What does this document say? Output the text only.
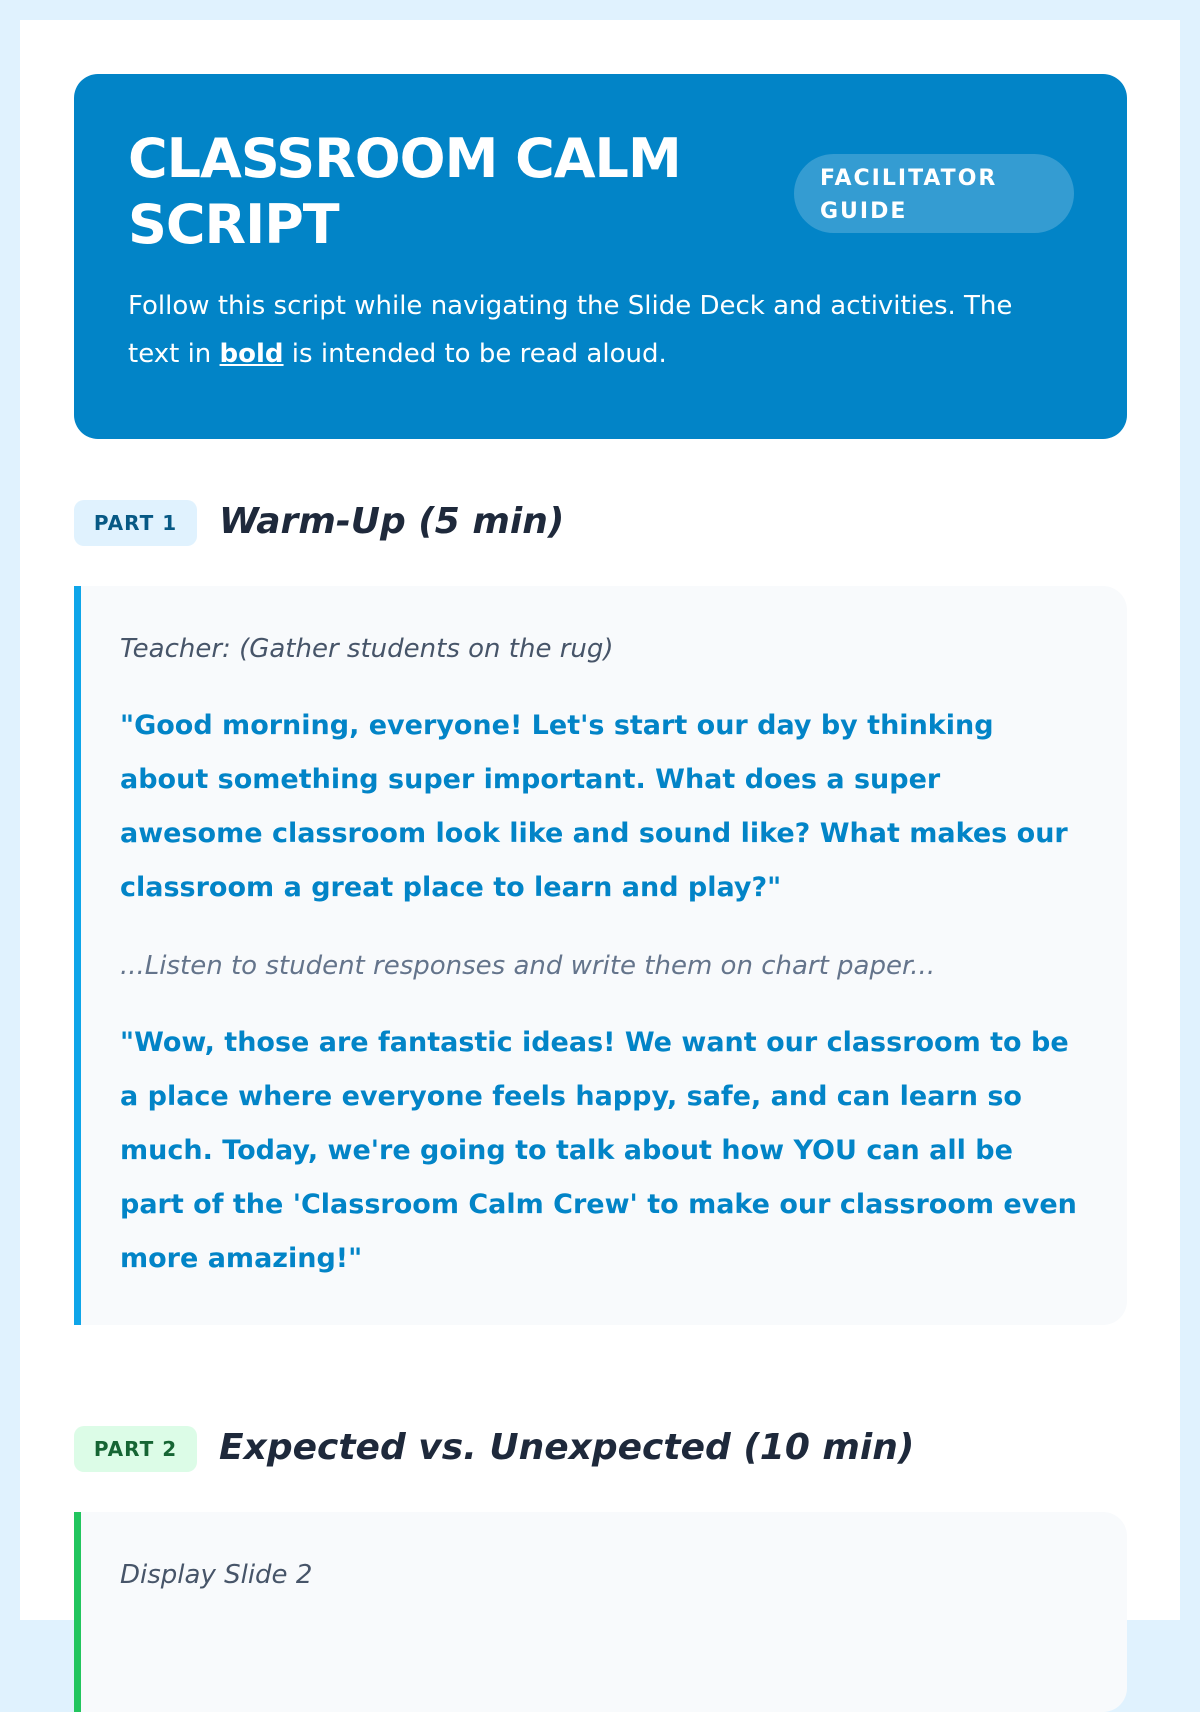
CLASSROOM CALM SCRIPT
FACILITATOR
GUIDE

Follow this script while navigating the Slide Deck and activities. The text in bold is intended to be read aloud.

PART 1	Warm-Up (5 min)

Teacher: (Gather students on the rug)

"Good morning, everyone! Let's start our day by thinking about something super important. What does a super awesome classroom look like and sound like? What makes our classroom a great place to learn and play?"

...Listen to student responses and write them on chart paper...

"Wow, those are fantastic ideas! We want our classroom to be a place where everyone feels happy, safe, and can learn so much. Today, we're going to talk about how YOU can all be part of the 'Classroom Calm Crew' to make our classroom even more amazing!"

PART 2	Expected vs. Unexpected (10 min)

Display Slide 2
